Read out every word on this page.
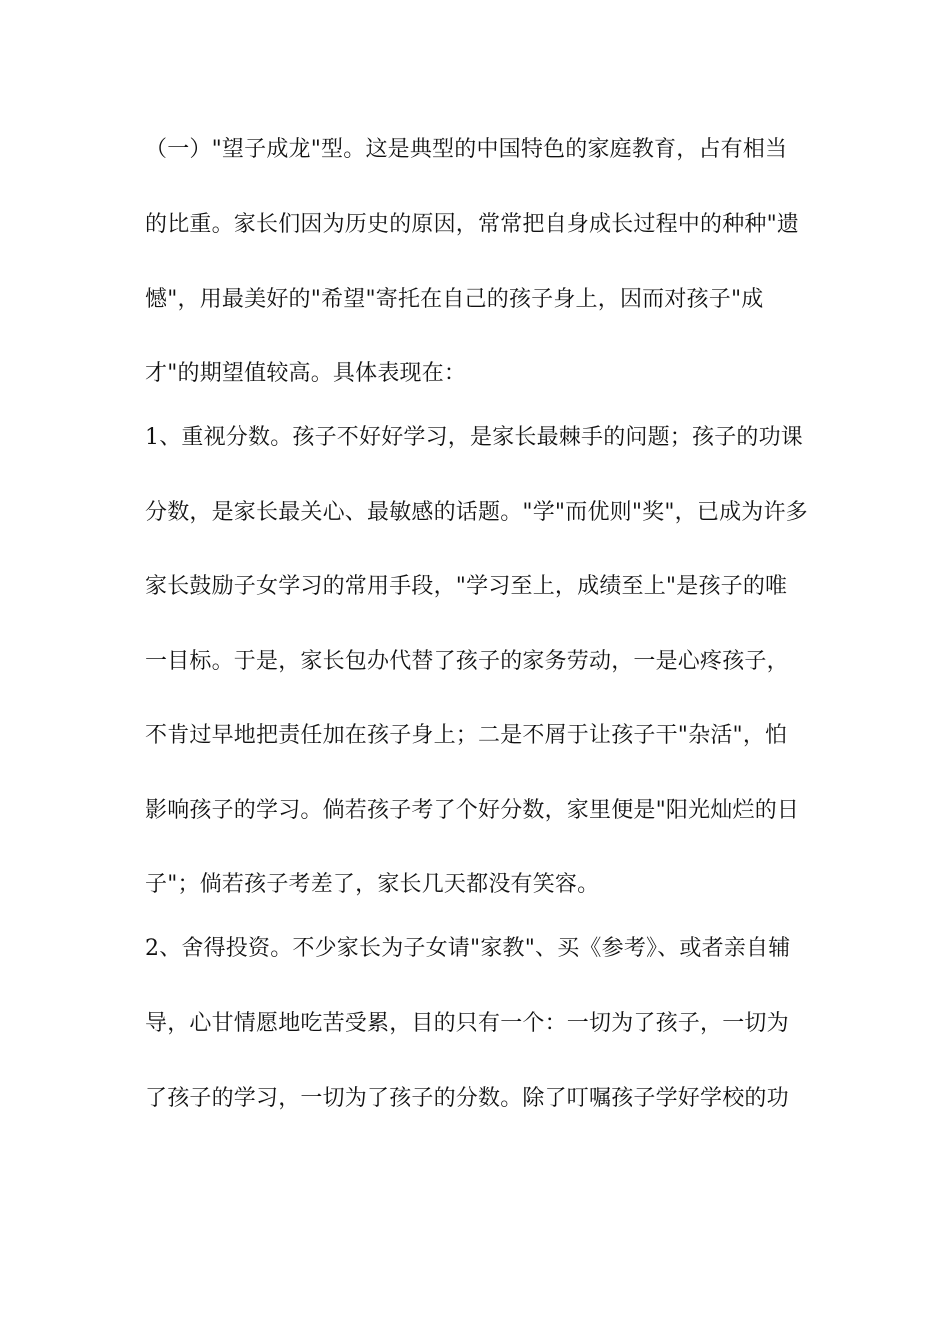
（一）"望子成龙"型。这是典型的中国特色的家庭教育，占有相当
的比重。家长们因为历史的原因，常常把自身成长过程中的种种"遗
憾"，用最美好的"希望"寄托在自己的孩子身上，因而对孩子"成
才"的期望值较高。具体表现在：
1、重视分数。孩子不好好学习，是家长最棘手的问题；孩子的功课
分数，是家长最关心、最敏感的话题。"学"而优则"奖"，已成为许多
家长鼓励子女学习的常用手段，"学习至上，成绩至上"是孩子的唯
一目标。于是，家长包办代替了孩子的家务劳动，一是心疼孩子，
不肯过早地把责任加在孩子身上；二是不屑于让孩子干"杂活"，怕
影响孩子的学习。倘若孩子考了个好分数，家里便是"阳光灿烂的日
子"；倘若孩子考差了，家长几天都没有笑容。
2、舍得投资。不少家长为子女请"家教"、买《参考》、或者亲自辅
导，心甘情愿地吃苦受累，目的只有一个：一切为了孩子，一切为
了孩子的学习，一切为了孩子的分数。除了叮嘱孩子学好学校的功
